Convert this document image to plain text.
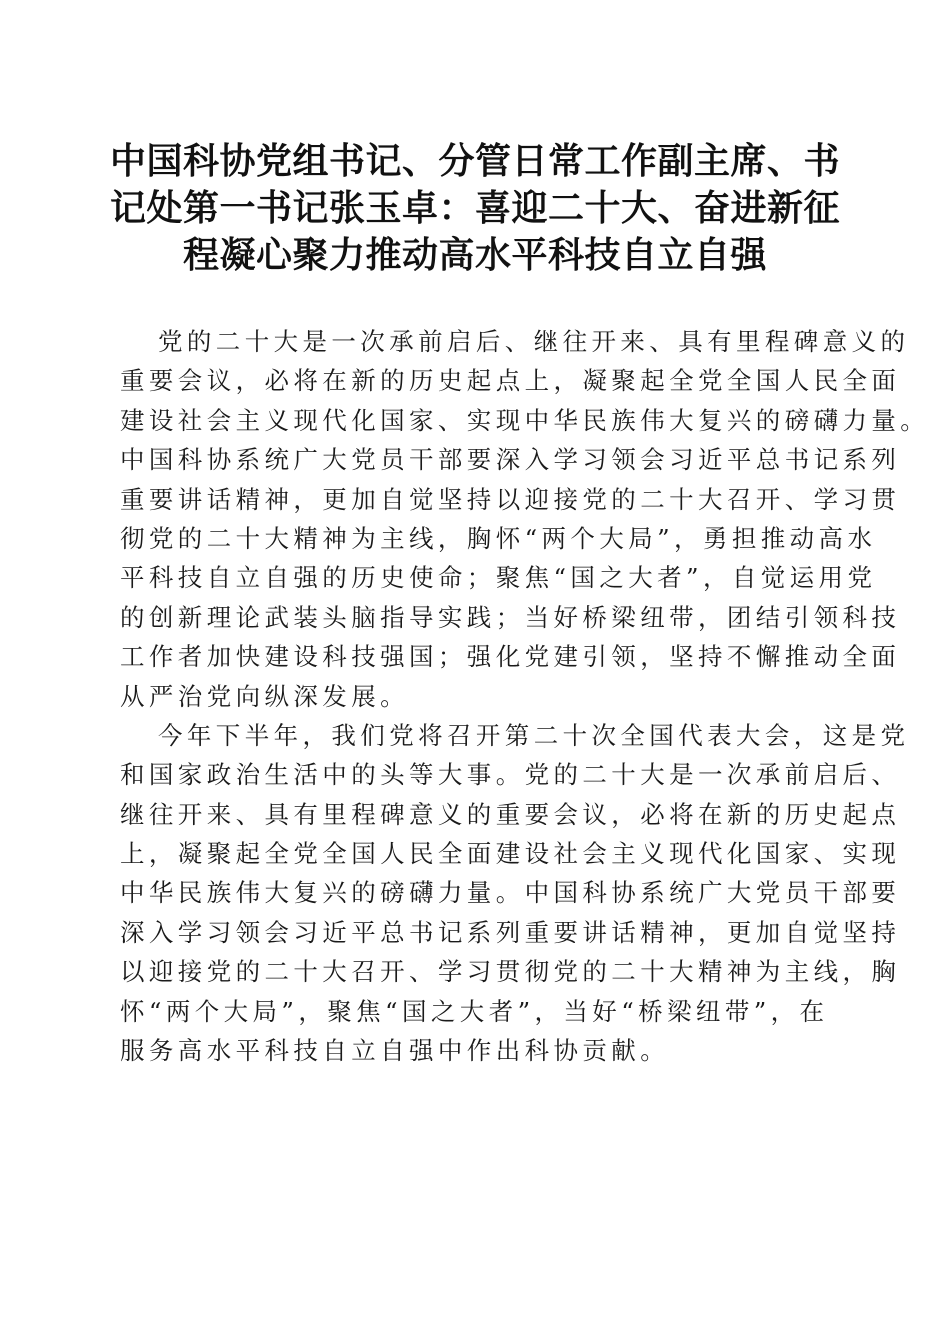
中国科协党组书记、分管日常工作副主席、书
记处第一书记张玉卓：喜迎二十大、奋进新征
程凝心聚力推动高水平科技自立自强
党的二十大是一次承前启后、继往开来、具有里程碑意义的
重要会议，必将在新的历史起点上，凝聚起全党全国人民全面
建设社会主义现代化国家、实现中华民族伟大复兴的磅礴力量。
中国科协系统广大党员干部要深入学习领会习近平总书记系列
重要讲话精神，更加自觉坚持以迎接党的二十大召开、学习贯
彻党的二十大精神为主线，胸怀“两个大局”，勇担推动高水
平科技自立自强的历史使命；聚焦“国之大者”，自觉运用党
的创新理论武装头脑指导实践；当好桥梁纽带，团结引领科技
工作者加快建设科技强国；强化党建引领，坚持不懈推动全面
从严治党向纵深发展。
今年下半年，我们党将召开第二十次全国代表大会，这是党
和国家政治生活中的头等大事。党的二十大是一次承前启后、
继往开来、具有里程碑意义的重要会议，必将在新的历史起点
上，凝聚起全党全国人民全面建设社会主义现代化国家、实现
中华民族伟大复兴的磅礴力量。中国科协系统广大党员干部要
深入学习领会习近平总书记系列重要讲话精神，更加自觉坚持
以迎接党的二十大召开、学习贯彻党的二十大精神为主线，胸
怀“两个大局”，聚焦“国之大者”，当好“桥梁纽带”，在
服务高水平科技自立自强中作出科协贡献。
